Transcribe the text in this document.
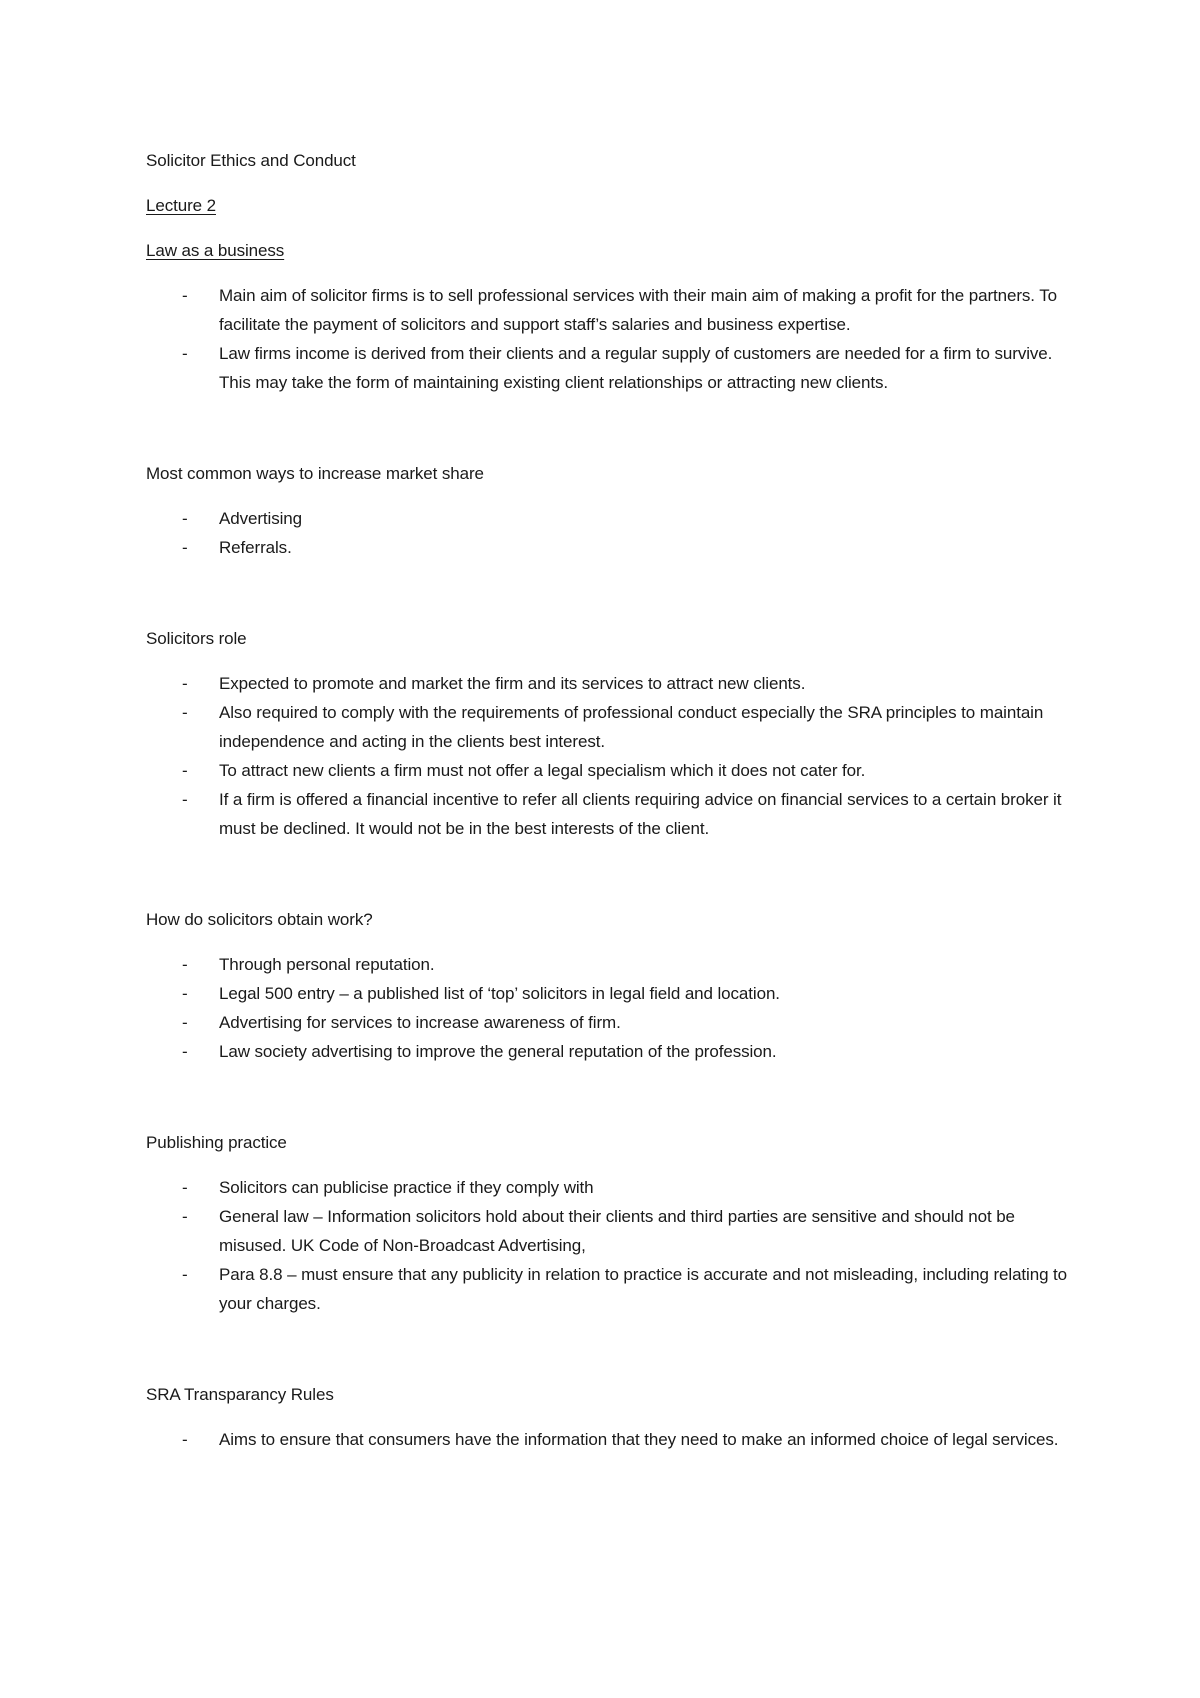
Solicitor Ethics and Conduct

Lecture 2

Law as a business

- Main aim of solicitor firms is to sell professional services with their main aim of making a profit for the partners. To facilitate the payment of solicitors and support staff’s salaries and business expertise.
- Law firms income is derived from their clients and a regular supply of customers are needed for a firm to survive. This may take the form of maintaining existing client relationships or attracting new clients.

Most common ways to increase market share

- Advertising
- Referrals.

Solicitors role

- Expected to promote and market the firm and its services to attract new clients.
- Also required to comply with the requirements of professional conduct especially the SRA principles to maintain independence and acting in the clients best interest.
- To attract new clients a firm must not offer a legal specialism which it does not cater for.
- If a firm is offered a financial incentive to refer all clients requiring advice on financial services to a certain broker it must be declined. It would not be in the best interests of the client.

How do solicitors obtain work?

- Through personal reputation.
- Legal 500 entry – a published list of ‘top’ solicitors in legal field and location.
- Advertising for services to increase awareness of firm.
- Law society advertising to improve the general reputation of the profession.

Publishing practice

- Solicitors can publicise practice if they comply with
- General law – Information solicitors hold about their clients and third parties are sensitive and should not be misused. UK Code of Non-Broadcast Advertising,
- Para 8.8 – must ensure that any publicity in relation to practice is accurate and not misleading, including relating to your charges.

SRA Transparancy Rules

- Aims to ensure that consumers have the information that they need to make an informed choice of legal services.
